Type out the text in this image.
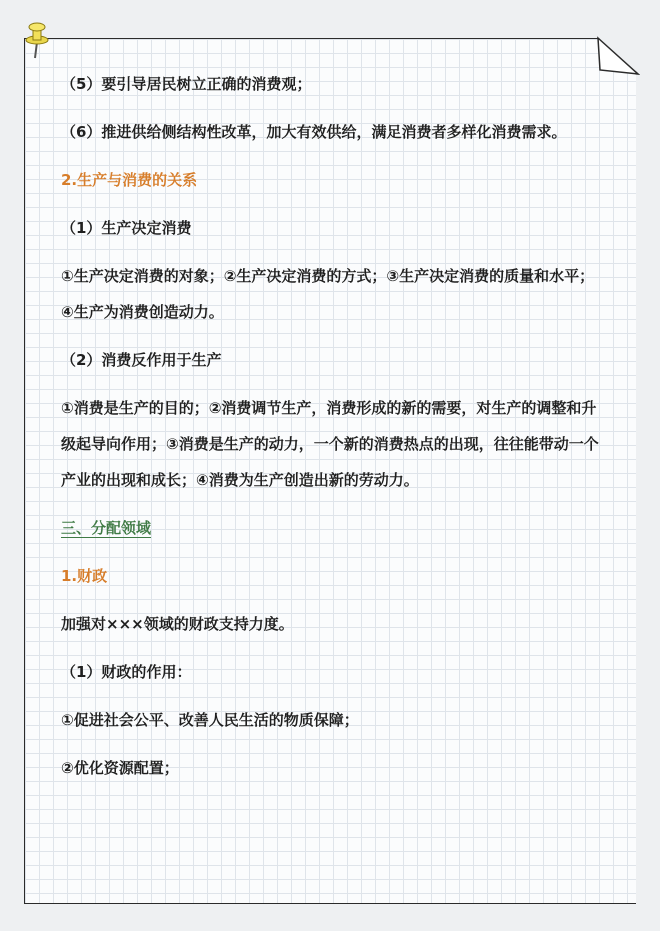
（5）要引导居民树立正确的消费观；

（6）推进供给侧结构性改革，加大有效供给，满足消费者多样化消费需求。

2.生产与消费的关系

（1）生产决定消费

①生产决定消费的对象；②生产决定消费的方式；③生产决定消费的质量和水平；④生产为消费创造动力。

（2）消费反作用于生产

①消费是生产的目的；②消费调节生产，消费形成的新的需要，对生产的调整和升级起导向作用；③消费是生产的动力，一个新的消费热点的出现，往往能带动一个产业的出现和成长；④消费为生产创造出新的劳动力。

三、分配领域

1.财政

加强对×××领域的财政支持力度。

（1）财政的作用：

①促进社会公平、改善人民生活的物质保障；

②优化资源配置；
